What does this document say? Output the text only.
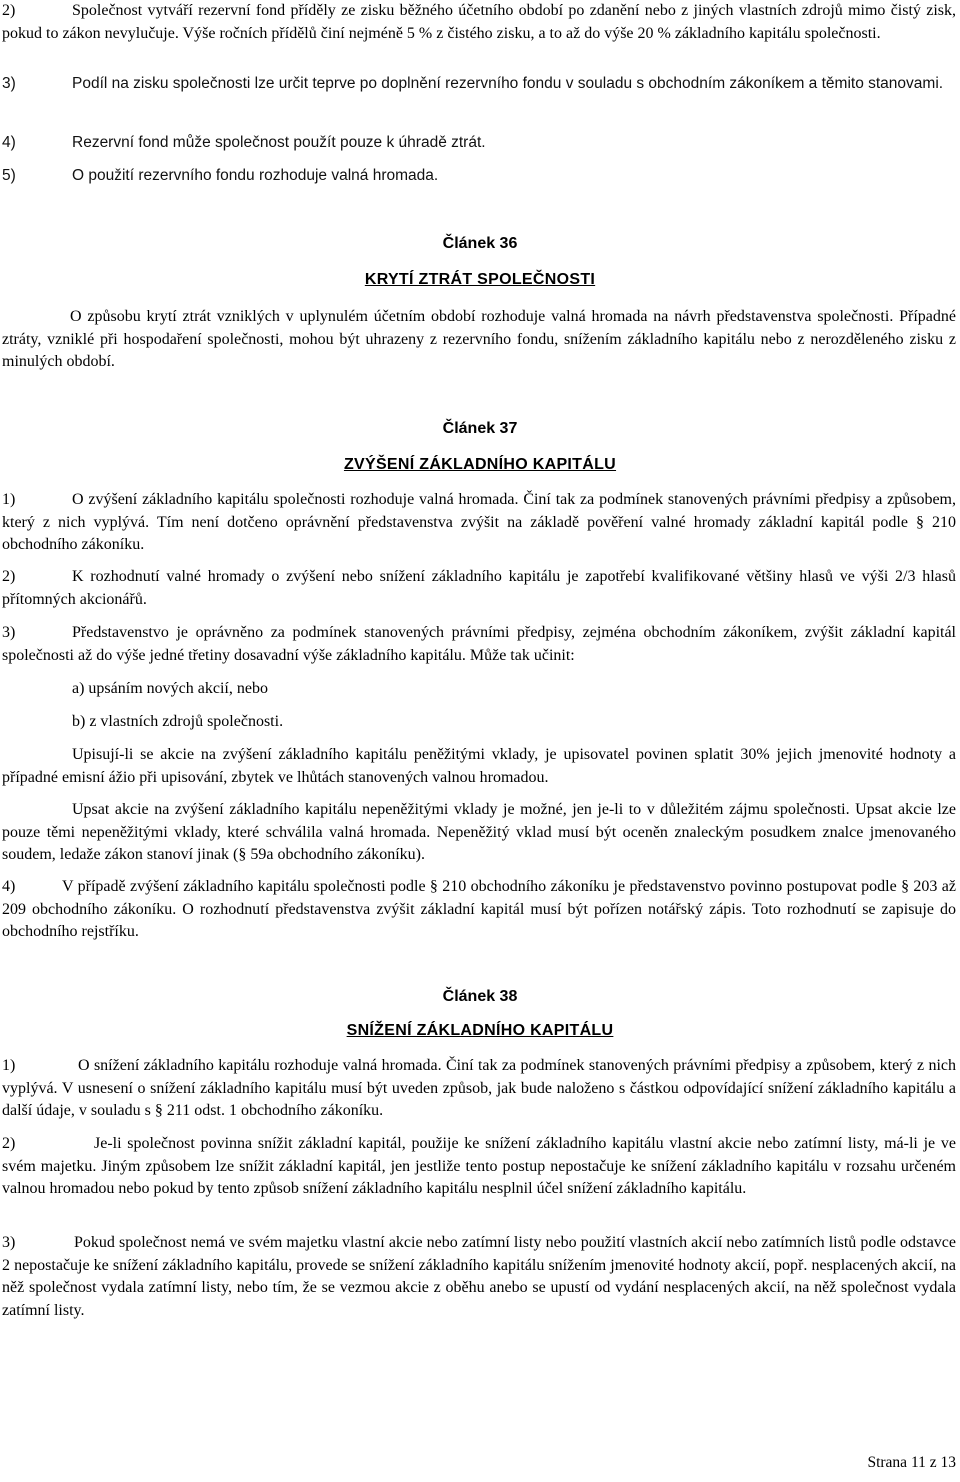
2)	Společnost vytváří rezervní fond příděly ze zisku běžného účetního období po zdanění nebo z jiných vlastních zdrojů mimo čistý zisk, pokud to zákon nevylučuje. Výše ročních přídělů činí nejméně 5 % z čistého zisku, a to až do výše 20 % základního kapitálu společnosti.

3)	Podíl na zisku společnosti lze určit teprve po doplnění rezervního fondu v souladu s obchodním zákoníkem a těmito stanovami.

4)	Rezervní fond může společnost použít pouze k úhradě ztrát.

5)	O použití rezervního fondu rozhoduje valná hromada.

Článek 36

KRYTÍ ZTRÁT SPOLEČNOSTI

O způsobu krytí ztrát vzniklých v uplynulém účetním období rozhoduje valná hromada na návrh představenstva společnosti. Případné ztráty, vzniklé při hospodaření společnosti, mohou být uhrazeny z rezervního fondu, snížením základního kapitálu nebo z nerozděleného zisku z minulých období.

Článek 37

ZVÝŠENÍ ZÁKLADNÍHO KAPITÁLU

1)	O zvýšení základního kapitálu společnosti rozhoduje valná hromada. Činí tak za podmínek stanovených právními předpisy a způsobem, který z nich vyplývá. Tím není dotčeno oprávnění představenstva zvýšit na základě pověření valné hromady základní kapitál podle § 210 obchodního zákoníku.

2)	K rozhodnutí valné hromady o zvýšení nebo snížení základního kapitálu je zapotřebí kvalifikované většiny hlasů ve výši 2/3 hlasů přítomných akcionářů.

3)	Představenstvo je oprávněno za podmínek stanovených právními předpisy, zejména obchodním zákoníkem, zvýšit základní kapitál společnosti až do výše jedné třetiny dosavadní výše základního kapitálu. Může tak učinit:

a) upsáním nových akcií, nebo

b) z vlastních zdrojů společnosti.

Upisují-li se akcie na zvýšení základního kapitálu peněžitými vklady, je upisovatel povinen splatit 30% jejich jmenovité hodnoty a případné emisní ážio při upisování, zbytek ve lhůtách stanovených valnou hromadou.

Upsat akcie na zvýšení základního kapitálu nepeněžitými vklady je možné, jen je-li to v důležitém zájmu společnosti. Upsat akcie lze pouze těmi nepeněžitými vklady, které schválila valná hromada. Nepeněžitý vklad musí být oceněn znaleckým posudkem znalce jmenovaného soudem, ledaže zákon stanoví jinak (§ 59a obchodního zákoníku).

4)	V případě zvýšení základního kapitálu společnosti podle § 210 obchodního zákoníku je představenstvo povinno postupovat podle § 203 až 209 obchodního zákoníku. O rozhodnutí představenstva zvýšit základní kapitál musí být pořízen notářský zápis. Toto rozhodnutí se zapisuje do obchodního rejstříku.

Článek 38

SNÍŽENÍ ZÁKLADNÍHO KAPITÁLU

1)	O snížení základního kapitálu rozhoduje valná hromada. Činí tak za podmínek stanovených právními předpisy a způsobem, který z nich vyplývá. V usnesení o snížení základního kapitálu musí být uveden způsob, jak bude naloženo s částkou odpovídající snížení základního kapitálu a další údaje, v souladu s § 211 odst. 1 obchodního zákoníku.

2)	Je-li společnost povinna snížit základní kapitál, použije ke snížení základního kapitálu vlastní akcie nebo zatímní listy, má-li je ve svém majetku. Jiným způsobem lze snížit základní kapitál, jen jestliže tento postup nepostačuje ke snížení základního kapitálu v rozsahu určeném valnou hromadou nebo pokud by tento způsob snížení základního kapitálu nesplnil účel snížení základního kapitálu.

3)	Pokud společnost nemá ve svém majetku vlastní akcie nebo zatímní listy nebo použití vlastních akcií nebo zatímních listů podle odstavce 2 nepostačuje ke snížení základního kapitálu, provede se snížení základního kapitálu snížením jmenovité hodnoty akcií, popř. nesplacených akcií, na něž společnost vydala zatímní listy, nebo tím, že se vezmou akcie z oběhu anebo se upustí od vydání nesplacených akcií, na něž společnost vydala zatímní listy.

Strana 11 z 13
